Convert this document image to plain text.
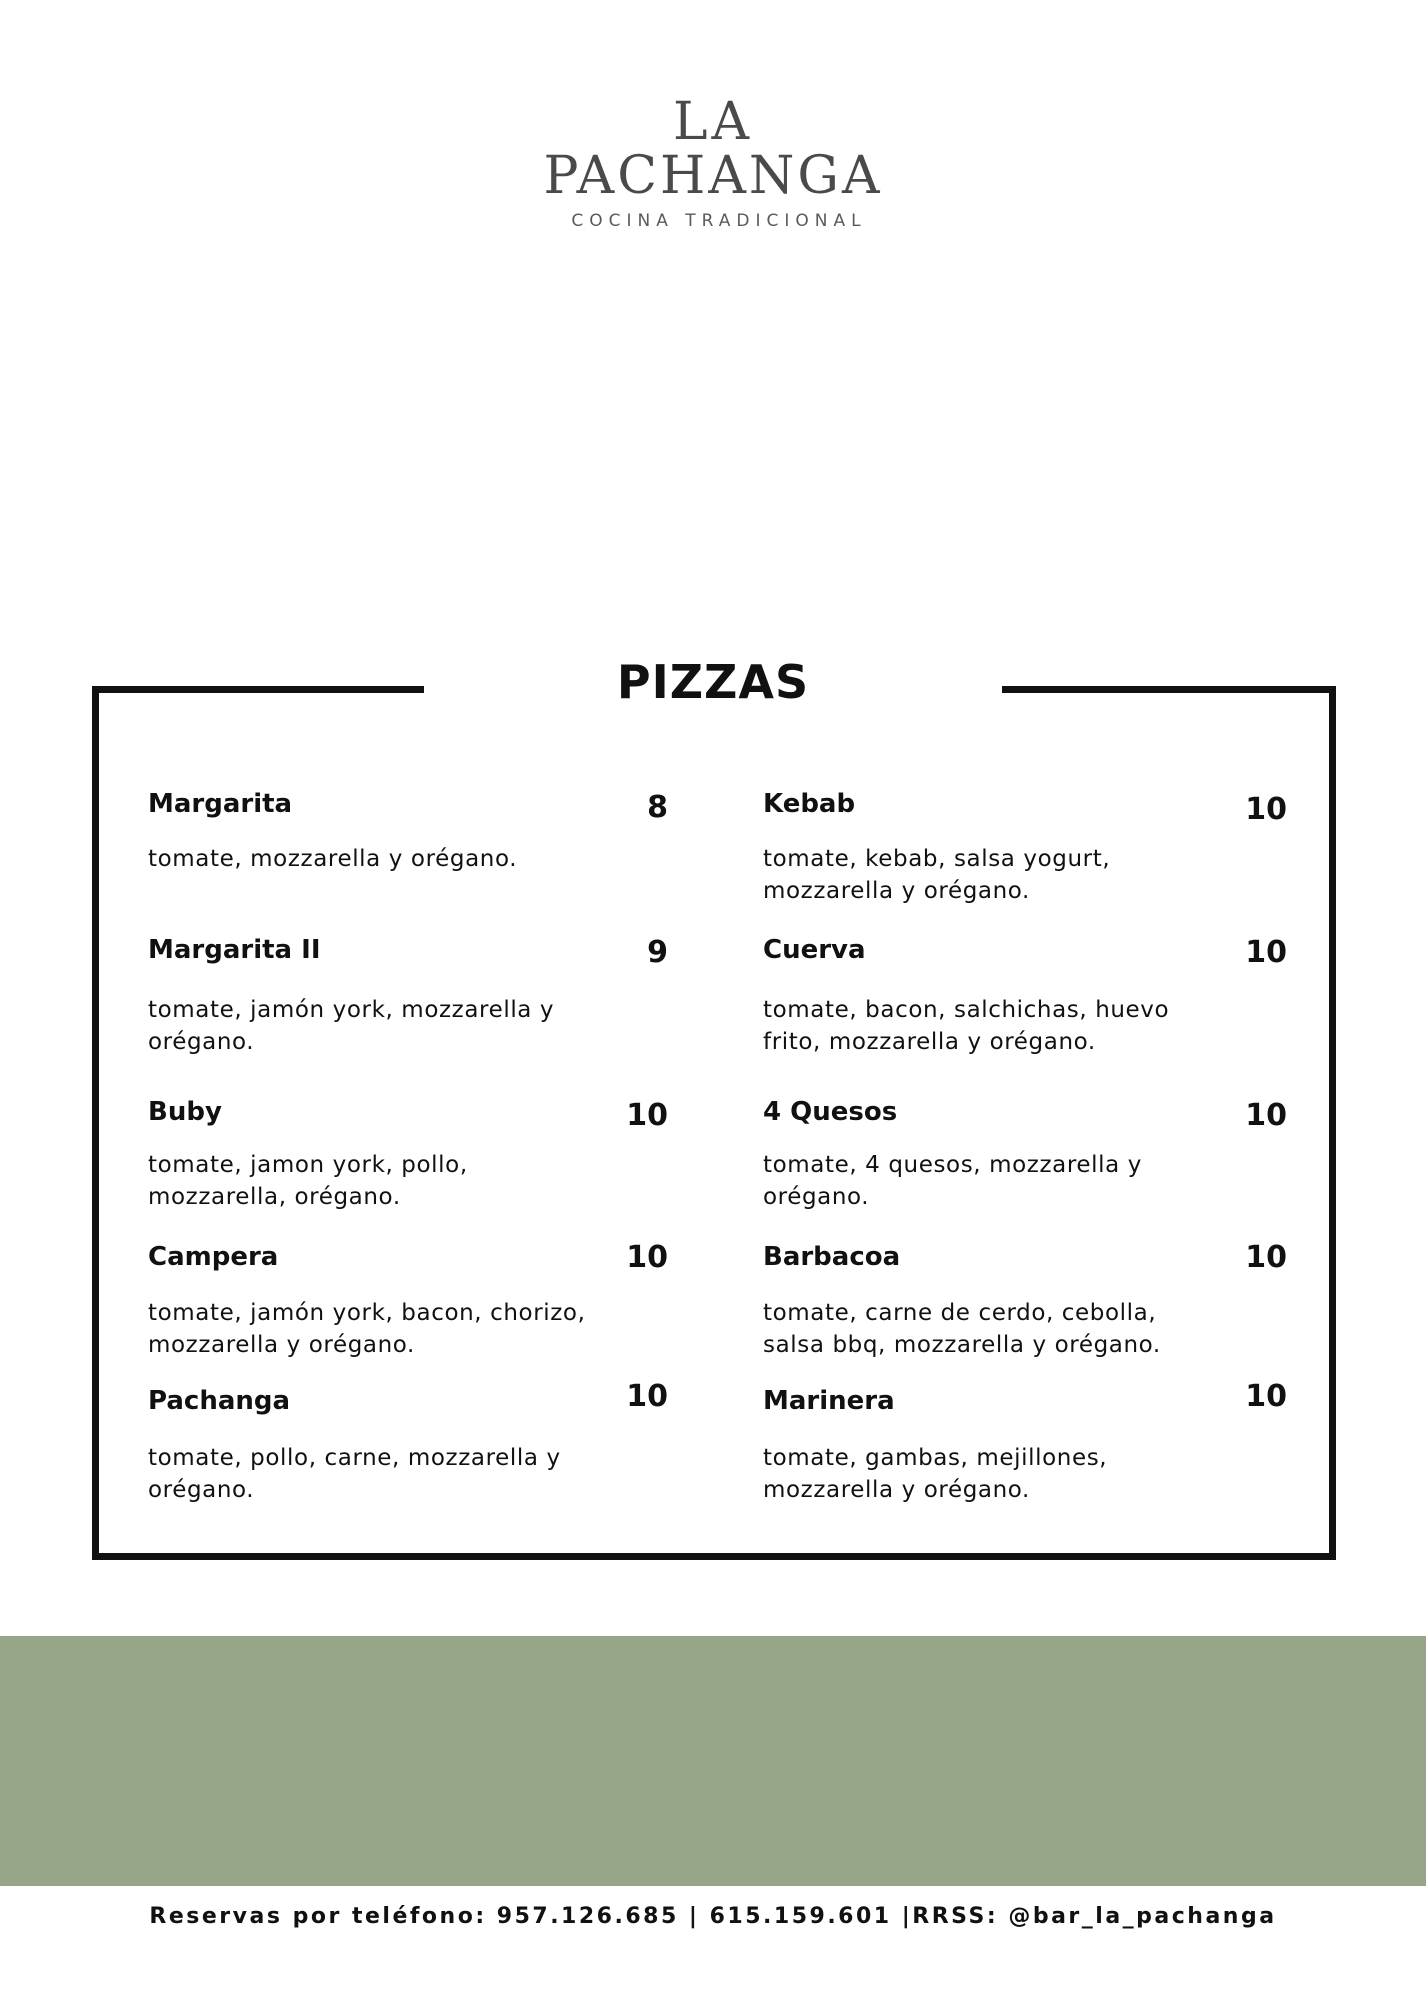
LA
PACHANGA
COCINA TRADICIONAL
PIZZAS
Margarita	8
tomate, mozzarella y orégano.
Margarita II	9
tomate, jamón york, mozzarella y orégano.
Buby	10
tomate, jamon york, pollo, mozzarella, orégano.
Campera	10
tomate, jamón york, bacon, chorizo, mozzarella y orégano.
Pachanga	10
tomate, pollo, carne, mozzarella y orégano.
Kebab	10
tomate, kebab, salsa yogurt, mozzarella y orégano.
Cuerva	10
tomate, bacon, salchichas, huevo frito, mozzarella y orégano.
4 Quesos	10
tomate, 4 quesos, mozzarella y orégano.
Barbacoa	10
tomate, carne de cerdo, cebolla, salsa bbq, mozzarella y orégano.
Marinera	10
tomate, gambas, mejillones, mozzarella y orégano.
Reservas por teléfono: 957.126.685 | 615.159.601 |RRSS: @bar_la_pachanga
